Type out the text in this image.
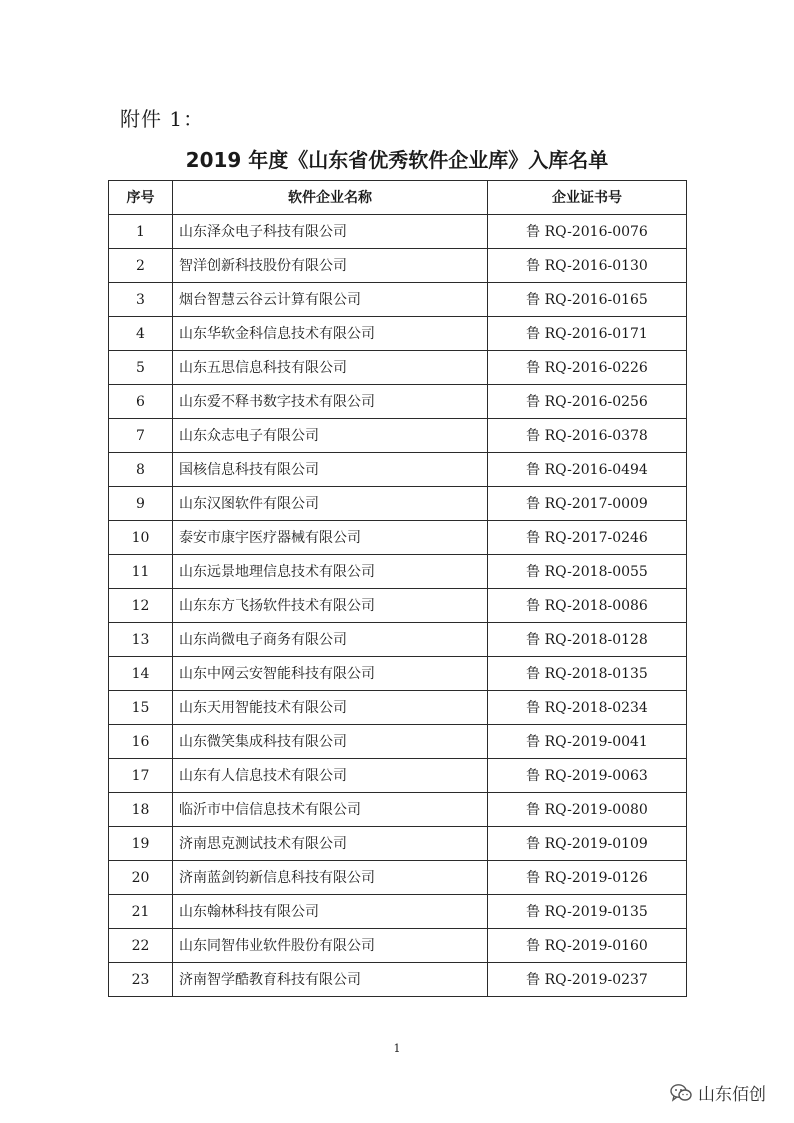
附件 1：
2019 年度《山东省优秀软件企业库》入库名单
序号	软件企业名称	企业证书号
1	山东泽众电子科技有限公司	鲁 RQ-2016-0076
2	智洋创新科技股份有限公司	鲁 RQ-2016-0130
3	烟台智慧云谷云计算有限公司	鲁 RQ-2016-0165
4	山东华软金科信息技术有限公司	鲁 RQ-2016-0171
5	山东五思信息科技有限公司	鲁 RQ-2016-0226
6	山东爱不释书数字技术有限公司	鲁 RQ-2016-0256
7	山东众志电子有限公司	鲁 RQ-2016-0378
8	国核信息科技有限公司	鲁 RQ-2016-0494
9	山东汉图软件有限公司	鲁 RQ-2017-0009
10	泰安市康宇医疗器械有限公司	鲁 RQ-2017-0246
11	山东远景地理信息技术有限公司	鲁 RQ-2018-0055
12	山东东方飞扬软件技术有限公司	鲁 RQ-2018-0086
13	山东尚微电子商务有限公司	鲁 RQ-2018-0128
14	山东中网云安智能科技有限公司	鲁 RQ-2018-0135
15	山东天用智能技术有限公司	鲁 RQ-2018-0234
16	山东微笑集成科技有限公司	鲁 RQ-2019-0041
17	山东有人信息技术有限公司	鲁 RQ-2019-0063
18	临沂市中信信息技术有限公司	鲁 RQ-2019-0080
19	济南思克测试技术有限公司	鲁 RQ-2019-0109
20	济南蓝剑钧新信息科技有限公司	鲁 RQ-2019-0126
21	山东翰林科技有限公司	鲁 RQ-2019-0135
22	山东同智伟业软件股份有限公司	鲁 RQ-2019-0160
23	济南智学酷教育科技有限公司	鲁 RQ-2019-0237
1
山东佰创
